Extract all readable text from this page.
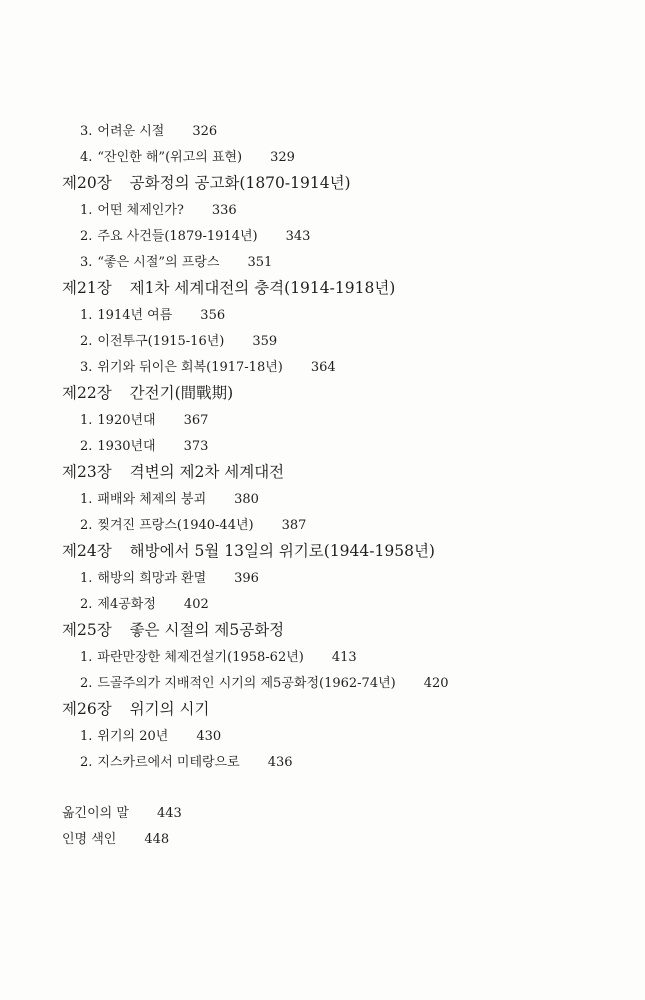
3. 어려운 시절 326
4. “잔인한 해”(위고의 표현) 329
제20장 공화정의 공고화(1870-1914년)
1. 어떤 체제인가? 336
2. 주요 사건들(1879-1914년) 343
3. “좋은 시절”의 프랑스 351
제21장 제1차 세계대전의 충격(1914-1918년)
1. 1914년 여름 356
2. 이전투구(1915-16년) 359
3. 위기와 뒤이은 회복(1917-18년) 364
제22장 간전기(間戰期)
1. 1920년대 367
2. 1930년대 373
제23장 격변의 제2차 세계대전
1. 패배와 체제의 붕괴 380
2. 찢겨진 프랑스(1940-44년) 387
제24장 해방에서 5월 13일의 위기로(1944-1958년)
1. 해방의 희망과 환멸 396
2. 제4공화정 402
제25장 좋은 시절의 제5공화정
1. 파란만장한 체제건설기(1958-62년) 413
2. 드골주의가 지배적인 시기의 제5공화정(1962-74년) 420
제26장 위기의 시기
1. 위기의 20년 430
2. 지스카르에서 미테랑으로 436
옮긴이의 말 443
인명 색인 448
